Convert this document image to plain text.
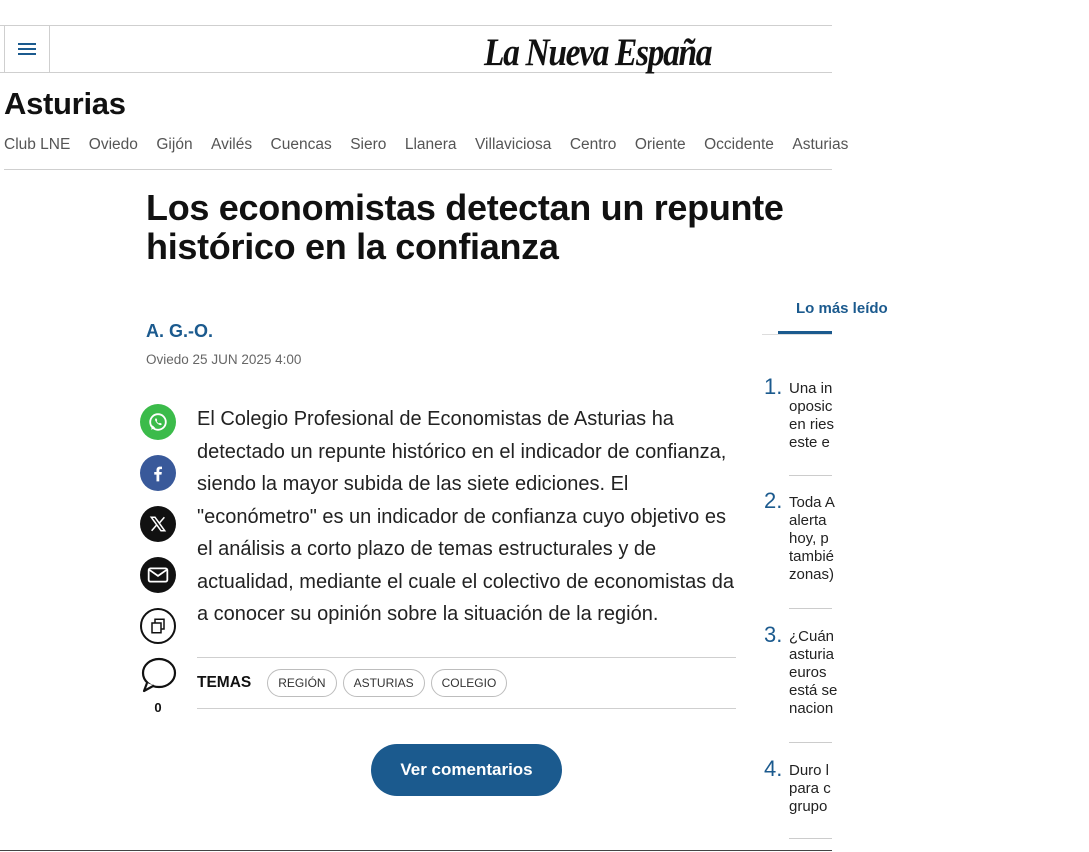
La Nueva España
Asturias
Club LNE Oviedo Gijón Avilés Cuencas Siero Llanera Villaviciosa Centro Oriente Occidente Asturias
Los economistas detectan un repunte histórico en la confianza
A. G.-O.
Oviedo 25 JUN 2025 4:00
0

El Colegio Profesional de Economistas de Asturias ha detectado un repunte histórico en el indicador de confianza, siendo la mayor subida de las siete ediciones. El "económetro" es un indicador de confianza cuyo objetivo es el análisis a corto plazo de temas estructurales y de actualidad, mediante el cuale el colectivo de economistas da a conocer su opinión sobre la situación de la región.

TEMAS	REGIÓN	ASTURIAS	COLEGIO
Ver comentarios
Lo más leído
1. Una in
oposic
en ries
este e
2. Toda A
alerta
hoy, p
tambié
zonas)
3. ¿Cuán
asturia
euros
está se
nacion
4. Duro l
para c
grupo
